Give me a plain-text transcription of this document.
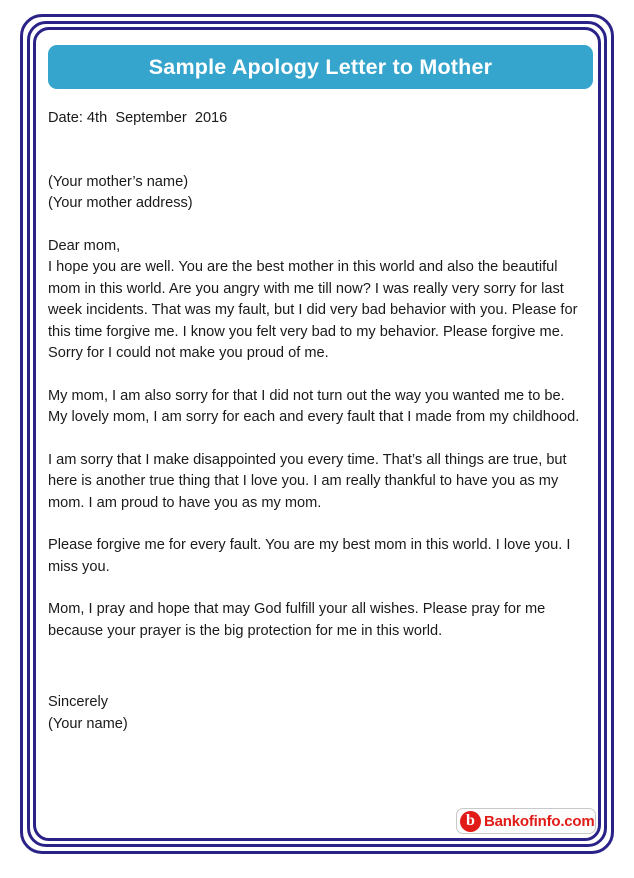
Sample Apology Letter to Mother

Date: 4th  September  2016

(Your mother’s name)

(Your mother address)

Dear mom,

I hope you are well. You are the best mother in this world and also the beautiful mom in this world. Are you angry with me till now? I was really very sorry for last week incidents. That was my fault, but I did very bad behavior with you. Please for this time forgive me. I know you felt very bad to my behavior. Please forgive me. Sorry for I could not make you proud of me.

My mom, I am also sorry for that I did not turn out the way you wanted me to be. My lovely mom, I am sorry for each and every fault that I made from my childhood.

I am sorry that I make disappointed you every time. That’s all things are true, but here is another true thing that I love you. I am really thankful to have you as my mom. I am proud to have you as my mom.

Please forgive me for every fault. You are my best mom in this world. I love you. I miss you.

Mom, I pray and hope that may God fulfill your all wishes. Please pray for me because your prayer is the big protection for me in this world.

Sincerely

(Your name)

b Bankofinfo.com
